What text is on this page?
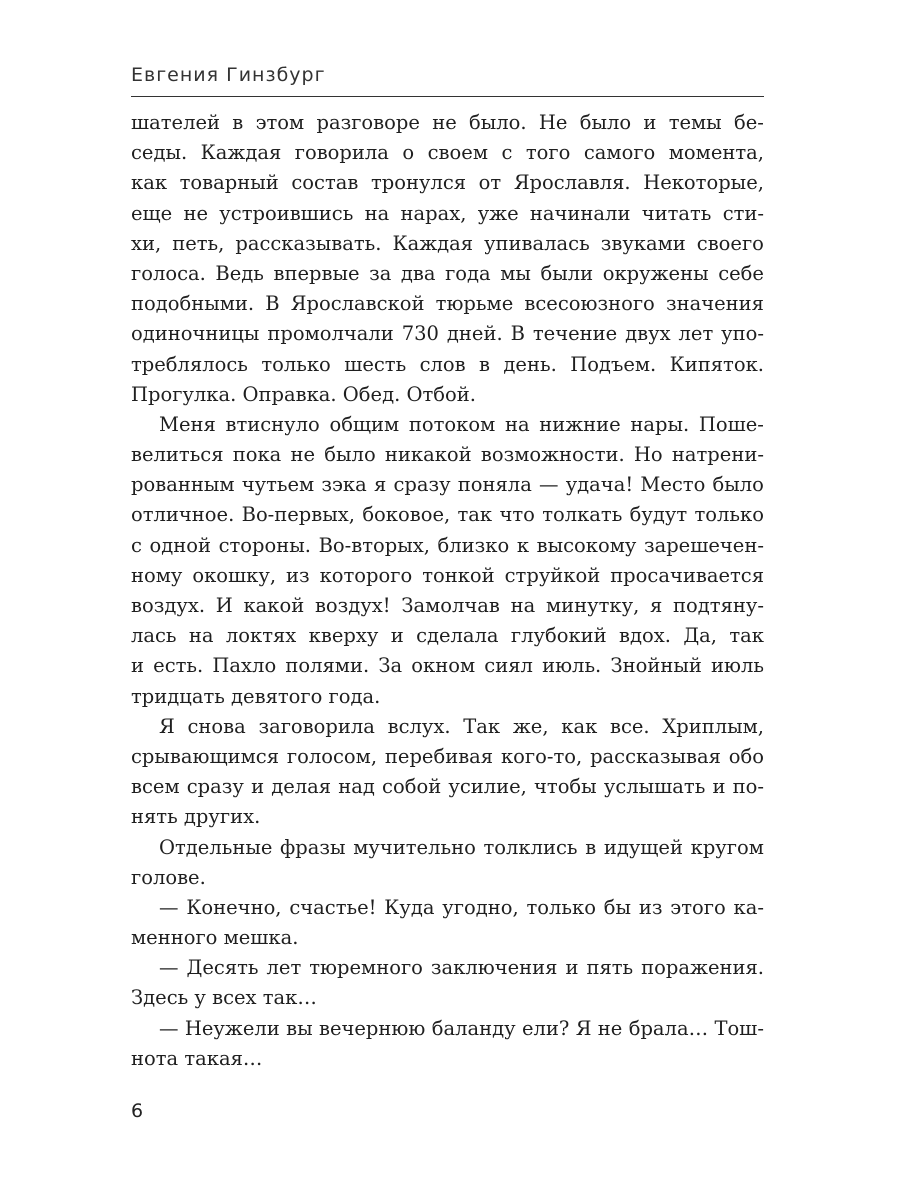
Евгения Гинзбург
шателей в этом разговоре не было. Не было и темы бе-
седы. Каждая говорила о своем с того самого момента,
как товарный состав тронулся от Ярославля. Некоторые,
еще не устроившись на нарах, уже начинали читать сти-
хи, петь, рассказывать. Каждая упивалась звуками своего
голоса. Ведь впервые за два года мы были окружены себе
подобными. В Ярославской тюрьме всесоюзного значения
одиночницы промолчали 730 дней. В течение двух лет упо-
треблялось только шесть слов в день. Подъем. Кипяток.
Прогулка. Оправка. Обед. Отбой.
Меня втиснуло общим потоком на нижние нары. Поше-
велиться пока не было никакой возможности. Но натрени-
рованным чутьем зэка я сразу поняла — удача! Место было
отличное. Во-первых, боковое, так что толкать будут только
с одной стороны. Во-вторых, близко к высокому зарешечен-
ному окошку, из которого тонкой струйкой просачивается
воздух. И какой воздух! Замолчав на минутку, я подтяну-
лась на локтях кверху и сделала глубокий вдох. Да, так
и есть. Пахло полями. За окном сиял июль. Знойный июль
тридцать девятого года.
Я снова заговорила вслух. Так же, как все. Хриплым,
срывающимся голосом, перебивая кого-то, рассказывая обо
всем сразу и делая над собой усилие, чтобы услышать и по-
нять других.
Отдельные фразы мучительно толклись в идущей кругом
голове.
— Конечно, счастье! Куда угодно, только бы из этого ка-
менного мешка.
— Десять лет тюремного заключения и пять поражения.
Здесь у всех так…
— Неужели вы вечернюю баланду ели? Я не брала… Тош-
нота такая…
6
